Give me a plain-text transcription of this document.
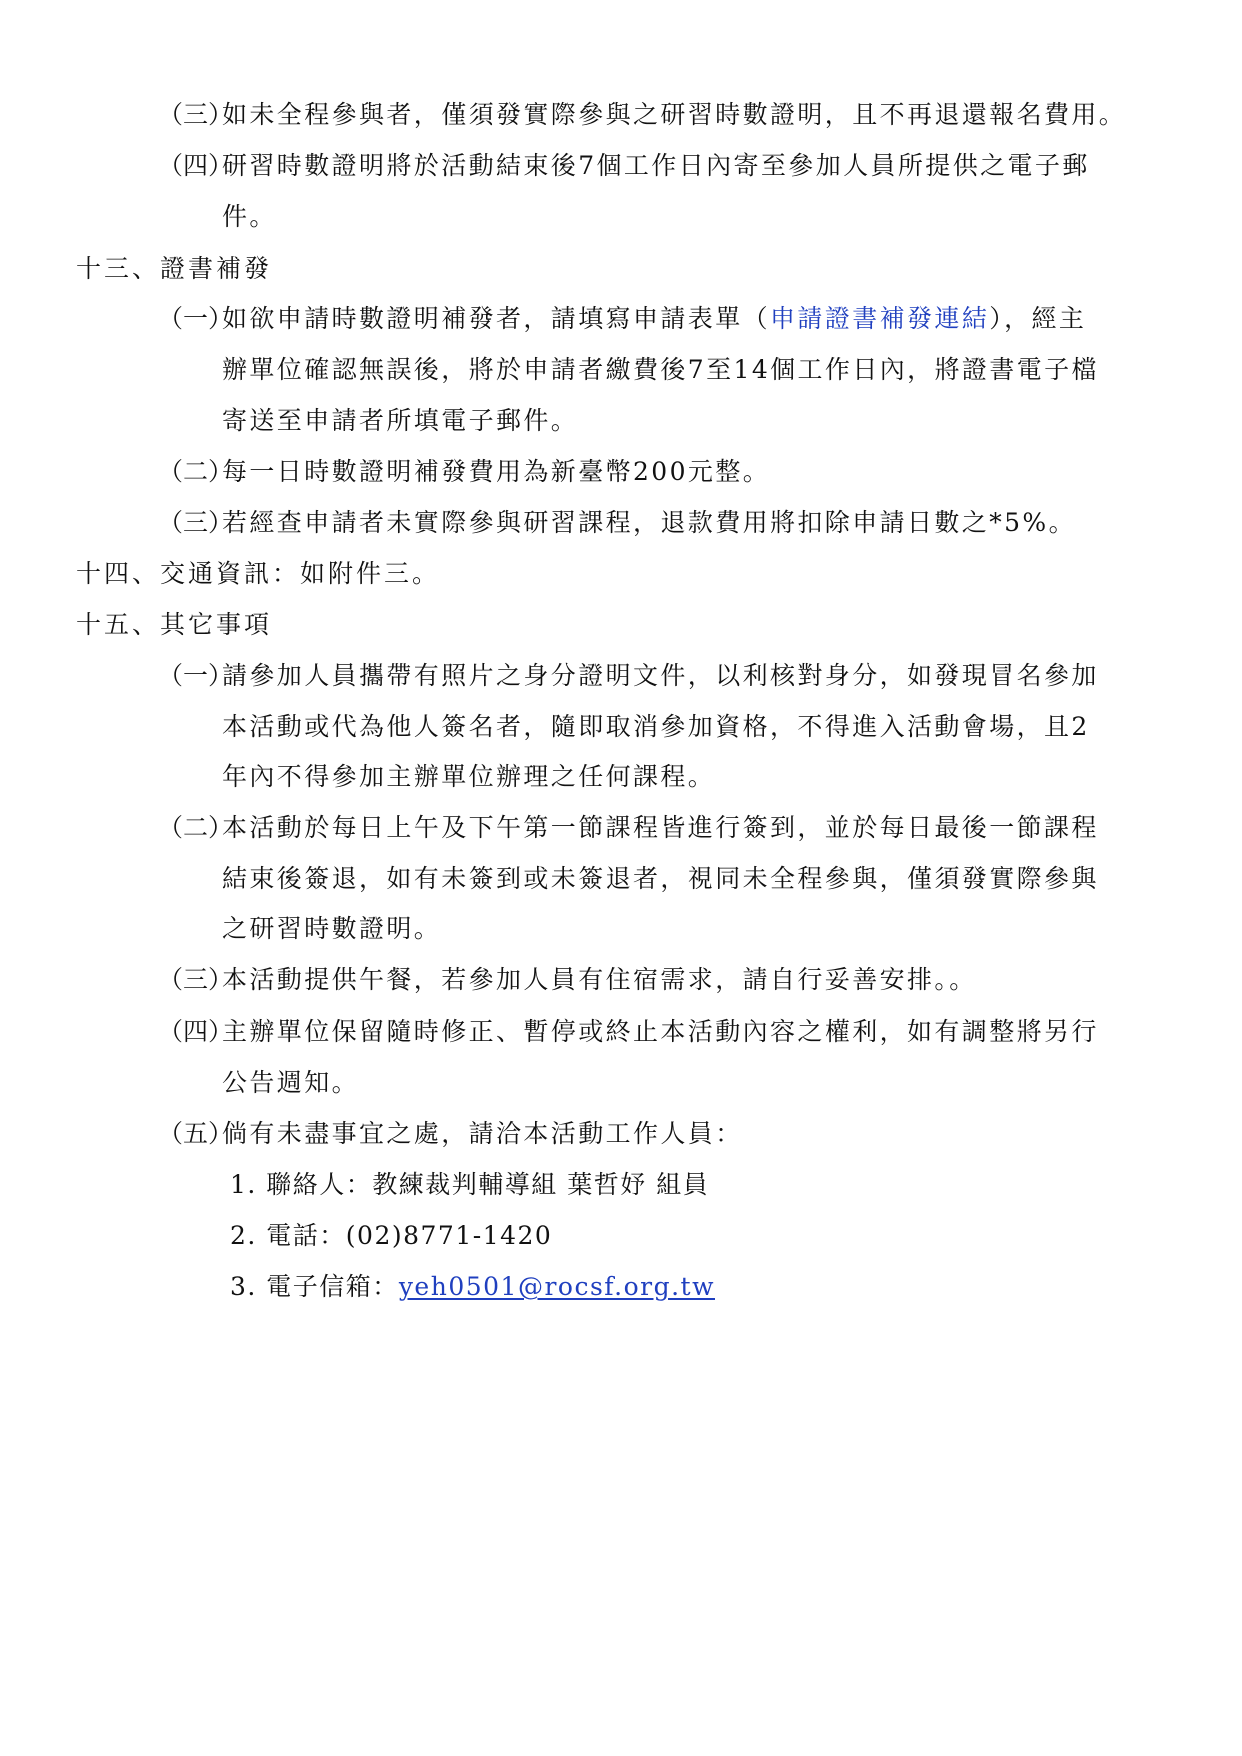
（三）
如未全程參與者，僅須發實際參與之研習時數證明，且不再退還報名費用。
（四）
研習時數證明將於活動結束後7個工作日內寄至參加人員所提供之電子郵
件。
十三、證書補發
（一）
如欲申請時數證明補發者，請填寫申請表單（申請證書補發連結），經主
辦單位確認無誤後，將於申請者繳費後7至14個工作日內，將證書電子檔
寄送至申請者所填電子郵件。
（二）
每一日時數證明補發費用為新臺幣200元整。
（三）
若經查申請者未實際參與研習課程，退款費用將扣除申請日數之*5%。
十四、交通資訊：如附件三。
十五、其它事項
（一）
請參加人員攜帶有照片之身分證明文件，以利核對身分，如發現冒名參加
本活動或代為他人簽名者，隨即取消參加資格，不得進入活動會場，且2
年內不得參加主辦單位辦理之任何課程。
（二）
本活動於每日上午及下午第一節課程皆進行簽到，並於每日最後一節課程
結束後簽退，如有未簽到或未簽退者，視同未全程參與，僅須發實際參與
之研習時數證明。
（三）
本活動提供午餐，若參加人員有住宿需求，請自行妥善安排。。
（四）
主辦單位保留隨時修正、暫停或終止本活動內容之權利，如有調整將另行
公告週知。
（五）
倘有未盡事宜之處，請洽本活動工作人員：
1. 聯絡人：教練裁判輔導組 葉哲妤 組員
2. 電話：(02)8771-1420
3. 電子信箱：yeh0501@rocsf.org.tw
